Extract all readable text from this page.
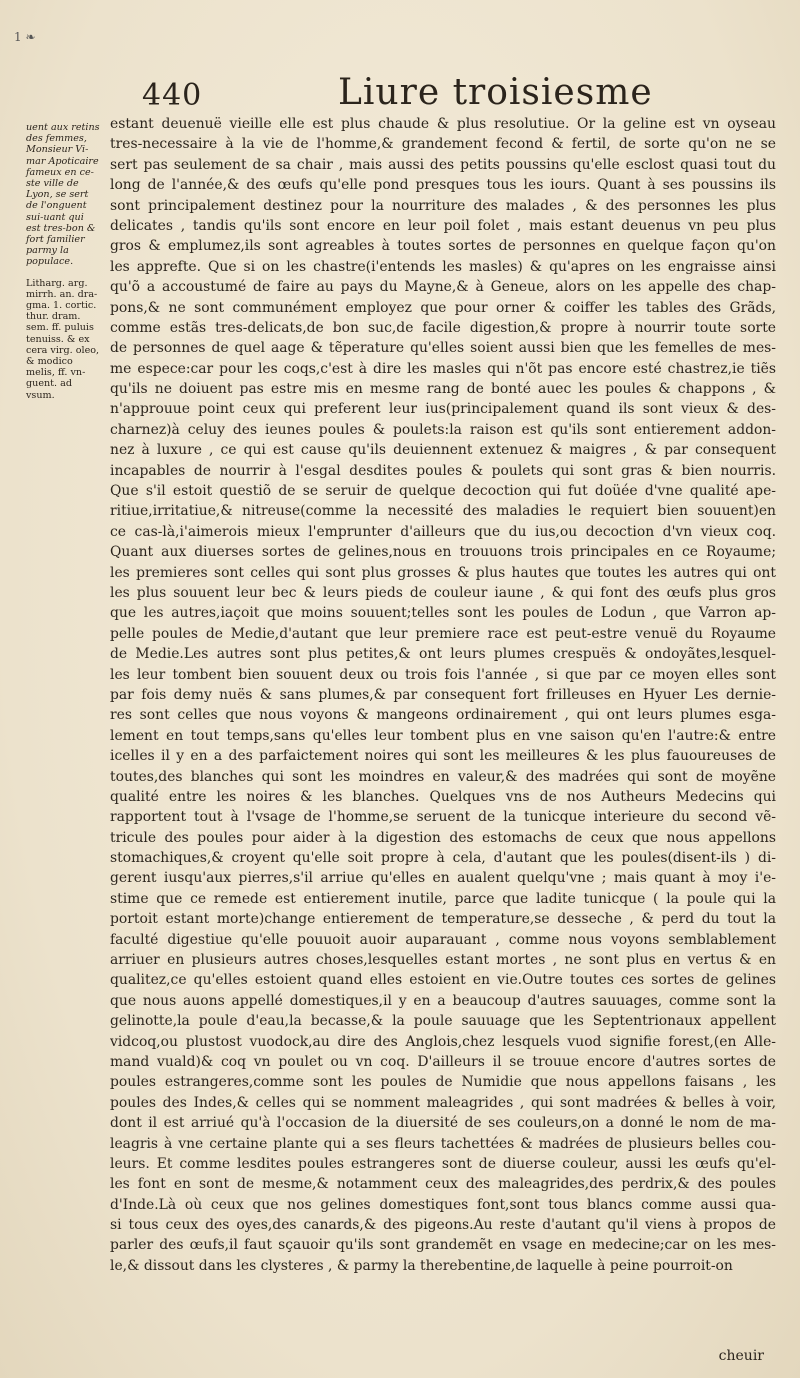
1 ❧
440	Liure troisiesme
uent aux retins des femmes, Monsieur Vi-mar Apoticaire fameux en ce-ste ville de Lyon, se sert de l'onguent sui-uant qui est tres-bon & fort familier parmy la populace.
Litharg. arg. mirrh. an. dra-gma. 1. cortic. thur. dram. sem. ff. puluis tenuiss. & ex cera virg. oleo, & modico melis, ff. vn-guent. ad vsum.
estant deuenuë vieille elle est plus chaude & plus resolutiue. Or la geline est vn oyseau
tres-necessaire à la vie de l'homme,& grandement fecond & fertil, de sorte qu'on ne se
sert pas seulement de sa chair , mais aussi des petits poussins qu'elle esclost quasi tout du
long de l'année,& des œufs qu'elle pond presques tous les iours. Quant à ses poussins ils
sont principalement destinez pour la nourriture des malades , & des personnes les plus
delicates , tandis qu'ils sont encore en leur poil folet , mais estant deuenus vn peu plus
gros & emplumez,ils sont agreables à toutes sortes de personnes en quelque façon qu'on
les apprefte. Que si on les chastre(i'entends les masles) & qu'apres on les engraisse ainsi
qu'õ a accoustumé de faire au pays du Mayne,& à Geneue, alors on les appelle des chap-
pons,& ne sont communément employez que pour orner & coiffer les tables des Grãds,
comme estãs tres-delicats,de bon suc,de facile digestion,& propre à nourrir toute sorte
de personnes de quel aage & tẽperature qu'elles soient aussi bien que les femelles de mes-
me espece:car pour les coqs,c'est à dire les masles qui n'õt pas encore esté chastrez,ie tiẽs
qu'ils ne doiuent pas estre mis en mesme rang de bonté auec les poules & chappons , &
n'approuue point ceux qui preferent leur ius(principalement quand ils sont vieux & des-
charnez)à celuy des ieunes poules & poulets:la raison est qu'ils sont entierement addon-
nez à luxure , ce qui est cause qu'ils deuiennent extenuez & maigres , & par consequent
incapables de nourrir à l'esgal desdites poules & poulets qui sont gras & bien nourris.
Que s'il estoit questiõ de se seruir de quelque decoction qui fut doüée d'vne qualité ape-
ritiue,irritatiue,& nitreuse(comme la necessité des maladies le requiert bien souuent)en
ce cas-là,i'aimerois mieux l'emprunter d'ailleurs que du ius,ou decoction d'vn vieux coq.
Quant aux diuerses sortes de gelines,nous en trouuons trois principales en ce Royaume;
les premieres sont celles qui sont plus grosses & plus hautes que toutes les autres qui ont
les plus souuent leur bec & leurs pieds de couleur iaune , & qui font des œufs plus gros
que les autres,iaçoit que moins souuent;telles sont les poules de Lodun , que Varron ap-
pelle poules de Medie,d'autant que leur premiere race est peut-estre venuë du Royaume
de Medie.Les autres sont plus petites,& ont leurs plumes crespuës & ondoyãtes,lesquel-
les leur tombent bien souuent deux ou trois fois l'année , si que par ce moyen elles sont
par fois demy nuës & sans plumes,& par consequent fort frilleuses en Hyuer Les dernie-
res sont celles que nous voyons & mangeons ordinairement , qui ont leurs plumes esga-
lement en tout temps,sans qu'elles leur tombent plus en vne saison qu'en l'autre:& entre
icelles il y en a des parfaictement noires qui sont les meilleures & les plus fauoureuses de
toutes,des blanches qui sont les moindres en valeur,& des madrées qui sont de moyẽne
qualité entre les noires & les blanches. Quelques vns de nos Autheurs Medecins qui
rapportent tout à l'vsage de l'homme,se seruent de la tunicque interieure du second vẽ-
tricule des poules pour aider à la digestion des estomachs de ceux que nous appellons
stomachiques,& croyent qu'elle soit propre à cela, d'autant que les poules(disent-ils ) di-
gerent iusqu'aux pierres,s'il arriue qu'elles en aualent quelqu'vne ; mais quant à moy i'e-
stime que ce remede est entierement inutile, parce que ladite tunicque ( la poule qui la
portoit estant morte)change entierement de temperature,se desseche , & perd du tout la
faculté digestiue qu'elle pouuoit auoir auparauant , comme nous voyons semblablement
arriuer en plusieurs autres choses,lesquelles estant mortes , ne sont plus en vertus & en
qualitez,ce qu'elles estoient quand elles estoient en vie.Outre toutes ces sortes de gelines
que nous auons appellé domestiques,il y en a beaucoup d'autres sauuages, comme sont la
gelinotte,la poule d'eau,la becasse,& la poule sauuage que les Septentrionaux appellent
vidcoq,ou plustost vuodock,au dire des Anglois,chez lesquels vuod signifie forest,(en Alle-
mand vuald)& coq vn poulet ou vn coq. D'ailleurs il se trouue encore d'autres sortes de
poules estrangeres,comme sont les poules de Numidie que nous appellons faisans , les
poules des Indes,& celles qui se nomment maleagrides , qui sont madrées & belles à voir,
dont il est arriué qu'à l'occasion de la diuersité de ses couleurs,on a donné le nom de ma-
leagris à vne certaine plante qui a ses fleurs tachettées & madrées de plusieurs belles cou-
leurs. Et comme lesdites poules estrangeres sont de diuerse couleur, aussi les œufs qu'el-
les font en sont de mesme,& notamment ceux des maleagrides,des perdrix,& des poules
d'Inde.Là où ceux que nos gelines domestiques font,sont tous blancs comme aussi qua-
si tous ceux des oyes,des canards,& des pigeons.Au reste d'autant qu'il viens à propos de
parler des œufs,il faut sçauoir qu'ils sont grandemẽt en vsage en medecine;car on les mes-
le,& dissout dans les clysteres , & parmy la therebentine,de laquelle à peine pourroit-on
cheuir
